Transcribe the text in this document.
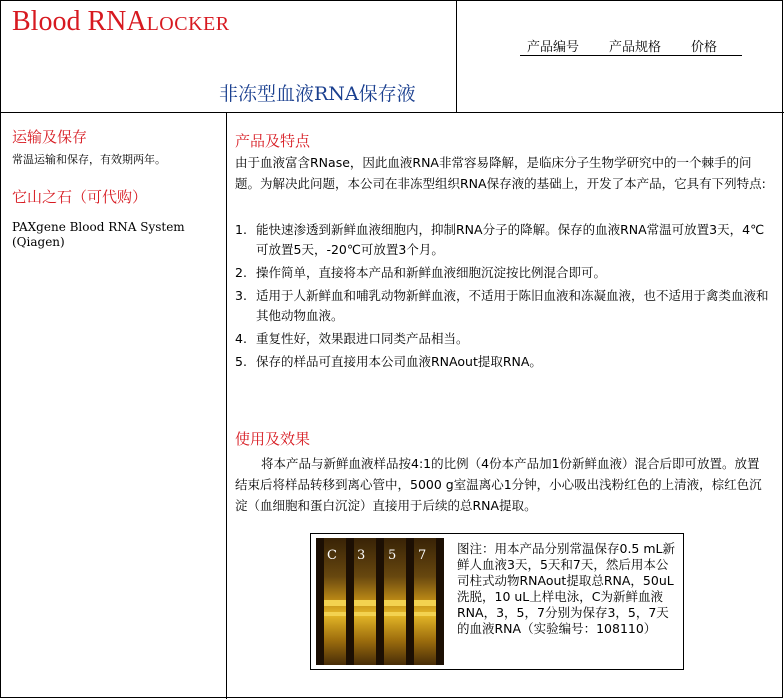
Blood RNALOCKER
非冻型血液RNA保存液
产品编号 产品规格 价格
运输及保存
常温运输和保存，有效期两年。
它山之石（可代购）
PAXgene Blood RNA System (Qiagen)
产品及特点
由于血液富含RNase，因此血液RNA非常容易降解，是临床分子生物学研究中的一个棘手的问题。为解决此问题，本公司在非冻型组织RNA保存液的基础上，开发了本产品，它具有下列特点:
1. 能快速渗透到新鲜血液细胞内，抑制RNA分子的降解。保存的血液RNA常温可放置3天，4℃可放置5天，-20℃可放置3个月。
2. 操作简单，直接将本产品和新鲜血液细胞沉淀按比例混合即可。
3. 适用于人新鲜血和哺乳动物新鲜血液，不适用于陈旧血液和冻凝血液，也不适用于禽类血液和其他动物血液。
4. 重复性好，效果跟进口同类产品相当。
5. 保存的样品可直接用本公司血液RNAout提取RNA。
使用及效果
将本产品与新鲜血液样品按4:1的比例（4份本产品加1份新鲜血液）混合后即可放置。放置结束后将样品转移到离心管中，5000 g室温离心1分钟，小心吸出浅粉红色的上清液，棕红色沉淀（血细胞和蛋白沉淀）直接用于后续的总RNA提取。
C 3 5 7 图注：用本产品分别常温保存0.5 mL新鲜人血液3天，5天和7天，然后用本公司柱式动物RNAout提取总RNA，50uL洗脱，10 uL上样电泳，C为新鲜血液RNA，3，5，7分别为保存3，5，7天的血液RNA（实验编号：108110）
